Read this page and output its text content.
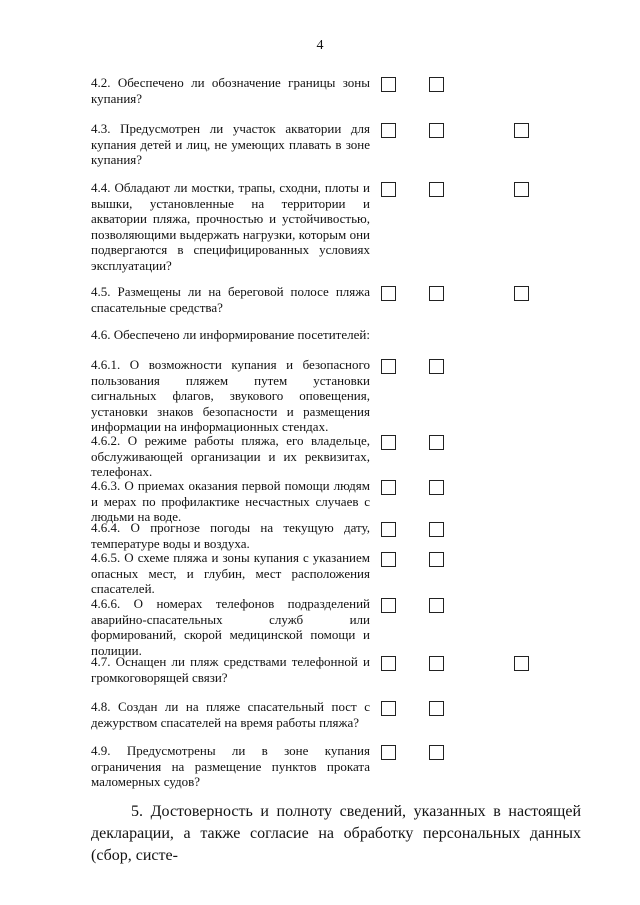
4
4.2. Обеспечено ли обозначение границы зоны купания?
4.3. Предусмотрен ли участок акватории для купания детей и лиц, не умеющих плавать в зоне купания?
4.4. Обладают ли мостки, трапы, сходни, плоты и вышки, установленные на территории и акватории пляжа, прочностью и устойчивостью, позволяющими выдержать нагрузки, которым они подвергаются в специфицированных условиях эксплуатации?
4.5. Размещены ли на береговой полосе пляжа спасательные средства?
4.6. Обеспечено ли информирование посетителей:
4.6.1. О возможности купания и безопасного пользования пляжем путем установки сигнальных флагов, звукового оповещения, установки знаков безопасности и размещения информации на информационных стендах.
4.6.2. О режиме работы пляжа, его владельце, обслуживающей организации и их реквизитах, телефонах.
4.6.3. О приемах оказания первой помощи людям и мерах по профилактике несчастных случаев с людьми на воде.
4.6.4. О прогнозе погоды на текущую дату, температуре воды и воздуха.
4.6.5. О схеме пляжа и зоны купания с указанием опасных мест, и глубин, мест расположения спасателей.
4.6.6. О номерах телефонов подразделений аварийно-спасательных служб или формирований, скорой медицинской помощи и полиции.
4.7. Оснащен ли пляж средствами телефонной и громкоговорящей связи?
4.8. Создан ли на пляже спасательный пост с дежурством спасателей на время работы пляжа?
4.9. Предусмотрены ли в зоне купания ограничения на размещение пунктов проката маломерных судов?
5. Достоверность и полноту сведений, указанных в настоящей декларации, а также согласие на обработку персональных данных (сбор, систе-
